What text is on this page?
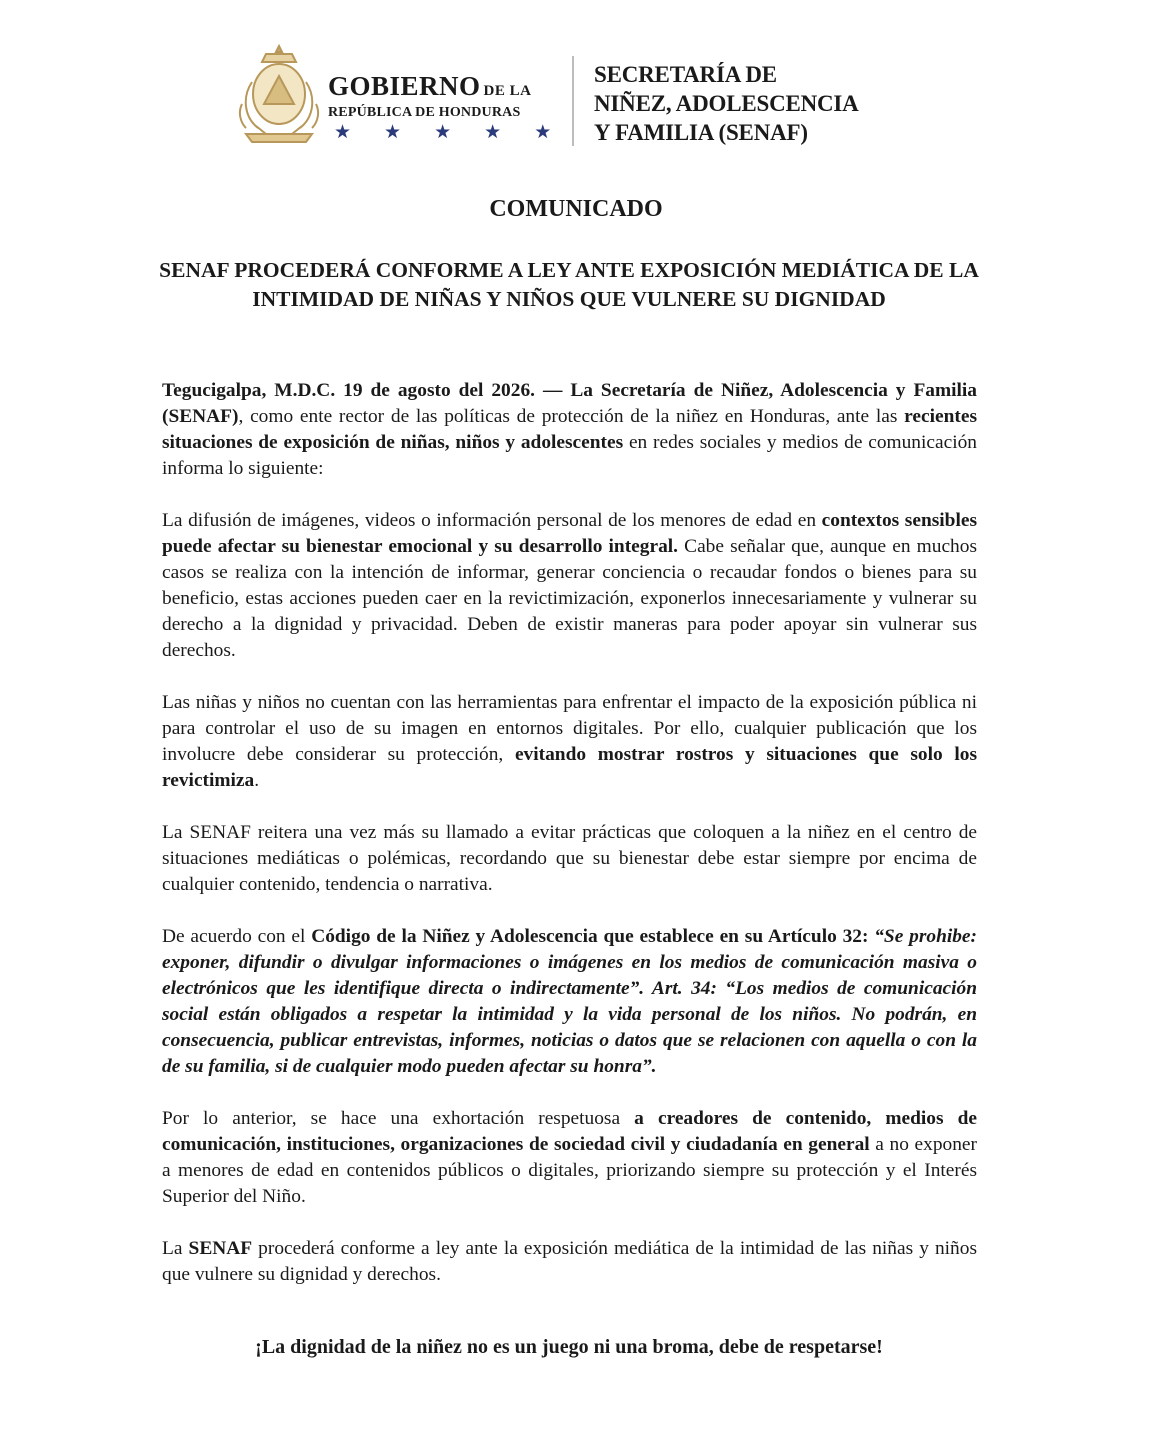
GOBIERNO DE LA
REPÚBLICA DE HONDURAS
★ ★ ★ ★ ★
SECRETARÍA DE
NIÑEZ, ADOLESCENCIA
Y FAMILIA (SENAF)
COMUNICADO
SENAF PROCEDERÁ CONFORME A LEY ANTE EXPOSICIÓN MEDIÁTICA DE LA INTIMIDAD DE NIÑAS Y NIÑOS QUE VULNERE SU DIGNIDAD

Tegucigalpa, M.D.C. 19 de agosto del 2026. — La Secretaría de Niñez, Adolescencia y Familia (SENAF), como ente rector de las políticas de protección de la niñez en Honduras, ante las recientes situaciones de exposición de niñas, niños y adolescentes en redes sociales y medios de comunicación informa lo siguiente:

La difusión de imágenes, videos o información personal de los menores de edad en contextos sensibles puede afectar su bienestar emocional y su desarrollo integral. Cabe señalar que, aunque en muchos casos se realiza con la intención de informar, generar conciencia o recaudar fondos o bienes para su beneficio, estas acciones pueden caer en la revictimización, exponerlos innecesariamente y vulnerar su derecho a la dignidad y privacidad. Deben de existir maneras para poder apoyar sin vulnerar sus derechos.

Las niñas y niños no cuentan con las herramientas para enfrentar el impacto de la exposición pública ni para controlar el uso de su imagen en entornos digitales. Por ello, cualquier publicación que los involucre debe considerar su protección, evitando mostrar rostros y situaciones que solo los revictimiza.

La SENAF reitera una vez más su llamado a evitar prácticas que coloquen a la niñez en el centro de situaciones mediáticas o polémicas, recordando que su bienestar debe estar siempre por encima de cualquier contenido, tendencia o narrativa.

De acuerdo con el Código de la Niñez y Adolescencia que establece en su Artículo 32: “Se prohibe: exponer, difundir o divulgar informaciones o imágenes en los medios de comunicación masiva o electrónicos que les identifique directa o indirectamente”. Art. 34: “Los medios de comunicación social están obligados a respetar la intimidad y la vida personal de los niños. No podrán, en consecuencia, publicar entrevistas, informes, noticias o datos que se relacionen con aquella o con la de su familia, si de cualquier modo pueden afectar su honra”.

Por lo anterior, se hace una exhortación respetuosa a creadores de contenido, medios de comunicación, instituciones, organizaciones de sociedad civil y ciudadanía en general a no exponer a menores de edad en contenidos públicos o digitales, priorizando siempre su protección y el Interés Superior del Niño.

La SENAF procederá conforme a ley ante la exposición mediática de la intimidad de las niñas y niños que vulnere su dignidad y derechos.

¡La dignidad de la niñez no es un juego ni una broma, debe de respetarse!
